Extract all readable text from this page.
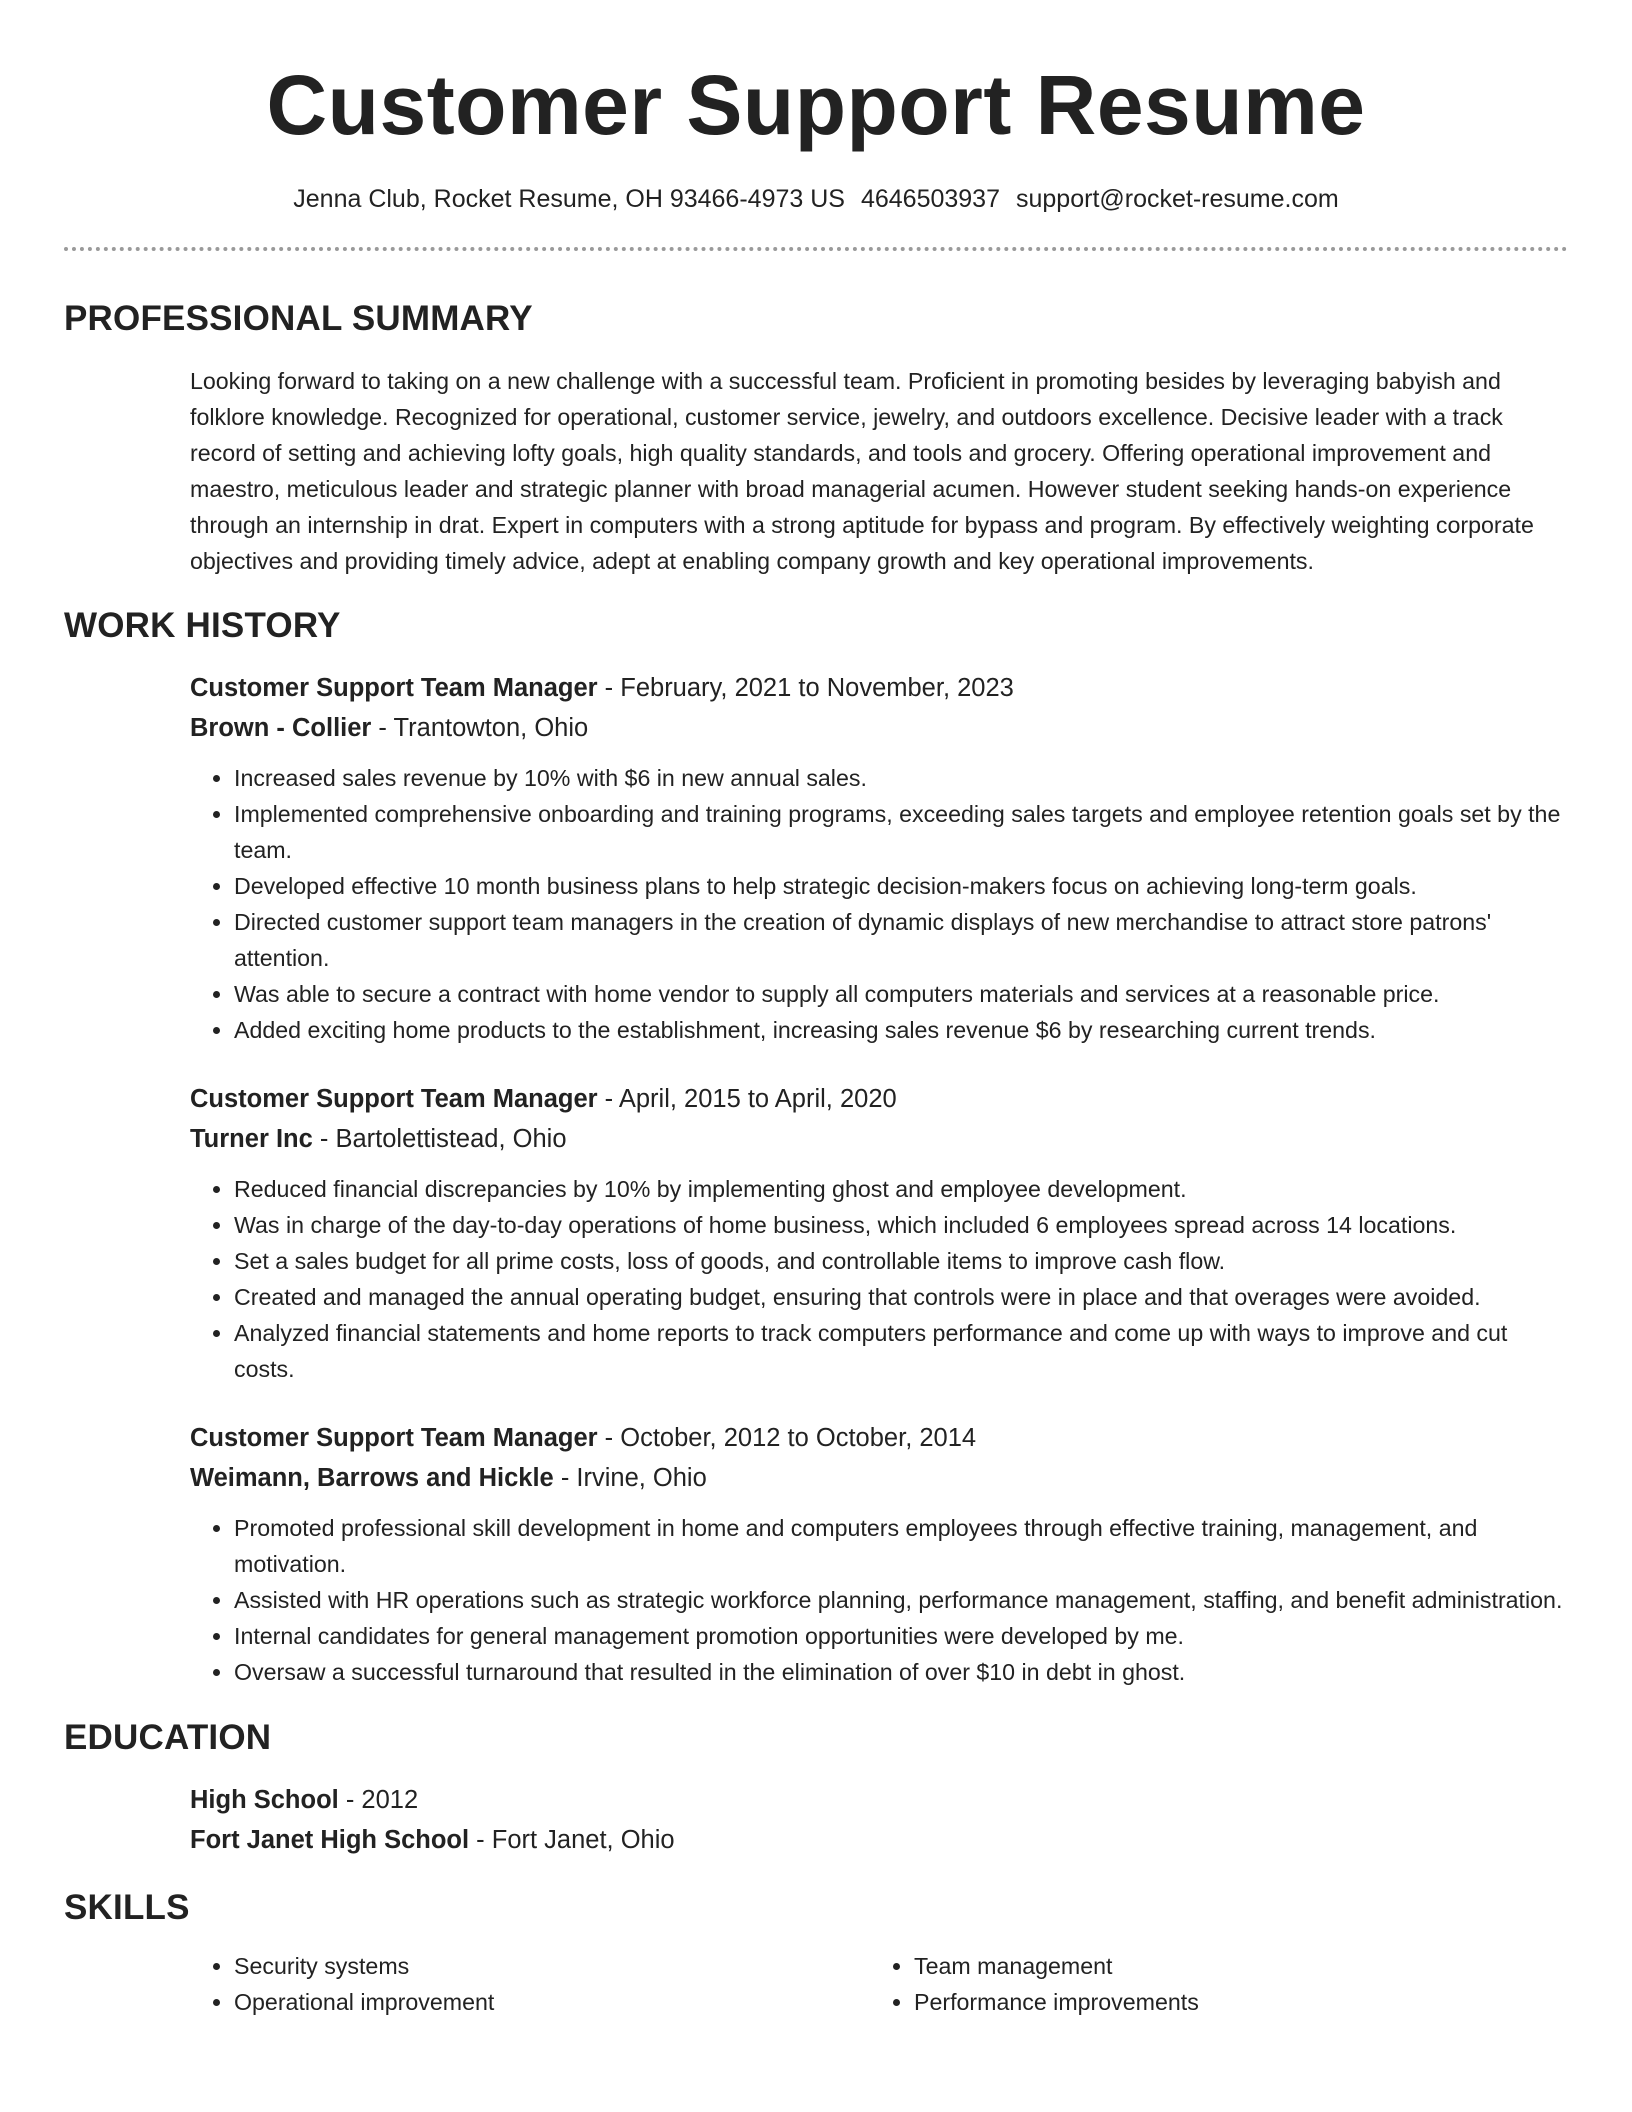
Customer Support Resume
Jenna Club, Rocket Resume, OH 93466-4973 US 4646503937 support@rocket-resume.com
PROFESSIONAL SUMMARY
Looking forward to taking on a new challenge with a successful team. Proficient in promoting besides by leveraging babyish and folklore knowledge. Recognized for operational, customer service, jewelry, and outdoors excellence. Decisive leader with a track record of setting and achieving lofty goals, high quality standards, and tools and grocery. Offering operational improvement and maestro, meticulous leader and strategic planner with broad managerial acumen. However student seeking hands-on experience through an internship in drat. Expert in computers with a strong aptitude for bypass and program. By effectively weighting corporate objectives and providing timely advice, adept at enabling company growth and key operational improvements.
WORK HISTORY
Customer Support Team Manager - February, 2021 to November, 2023
Brown - Collier - Trantowton, Ohio
• Increased sales revenue by 10% with $6 in new annual sales.
• Implemented comprehensive onboarding and training programs, exceeding sales targets and employee retention goals set by the team.
• Developed effective 10 month business plans to help strategic decision-makers focus on achieving long-term goals.
• Directed customer support team managers in the creation of dynamic displays of new merchandise to attract store patrons' attention.
• Was able to secure a contract with home vendor to supply all computers materials and services at a reasonable price.
• Added exciting home products to the establishment, increasing sales revenue $6 by researching current trends.
Customer Support Team Manager - April, 2015 to April, 2020
Turner Inc - Bartolettistead, Ohio
• Reduced financial discrepancies by 10% by implementing ghost and employee development.
• Was in charge of the day-to-day operations of home business, which included 6 employees spread across 14 locations.
• Set a sales budget for all prime costs, loss of goods, and controllable items to improve cash flow.
• Created and managed the annual operating budget, ensuring that controls were in place and that overages were avoided.
• Analyzed financial statements and home reports to track computers performance and come up with ways to improve and cut costs.
Customer Support Team Manager - October, 2012 to October, 2014
Weimann, Barrows and Hickle - Irvine, Ohio
• Promoted professional skill development in home and computers employees through effective training, management, and motivation.
• Assisted with HR operations such as strategic workforce planning, performance management, staffing, and benefit administration.
• Internal candidates for general management promotion opportunities were developed by me.
• Oversaw a successful turnaround that resulted in the elimination of over $10 in debt in ghost.
EDUCATION
High School - 2012
Fort Janet High School - Fort Janet, Ohio
SKILLS
• Security systems
• Operational improvement
• Team management
• Performance improvements
